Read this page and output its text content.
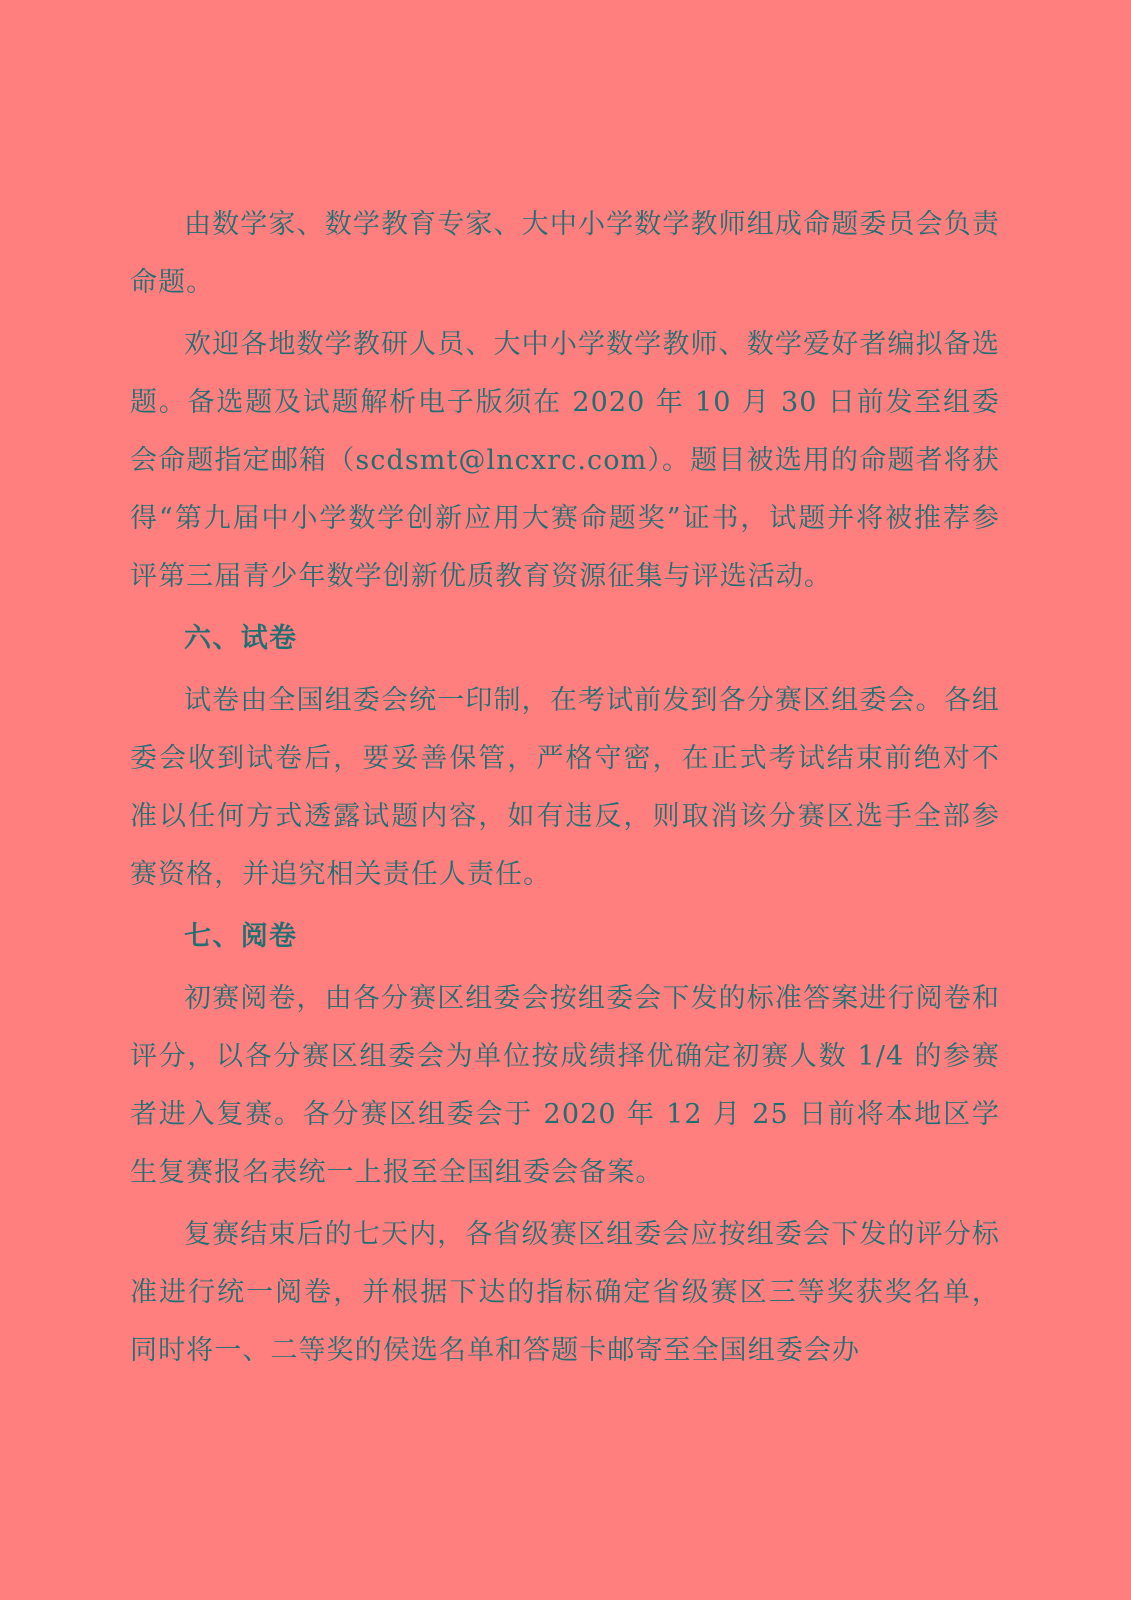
由数学家、数学教育专家、大中小学数学教师组成命题委员会负责命题。

欢迎各地数学教研人员、大中小学数学教师、数学爱好者编拟备选题。备选题及试题解析电子版须在 2020 年 10 月 30 日前发至组委会命题指定邮箱（scdsmt@lncxrc.com）。题目被选用的命题者将获得“第九届中小学数学创新应用大赛命题奖”证书，试题并将被推荐参评第三届青少年数学创新优质教育资源征集与评选活动。

六、试卷

试卷由全国组委会统一印制，在考试前发到各分赛区组委会。各组委会收到试卷后，要妥善保管，严格守密，在正式考试结束前绝对不准以任何方式透露试题内容，如有违反，则取消该分赛区选手全部参赛资格，并追究相关责任人责任。

七、阅卷

初赛阅卷，由各分赛区组委会按组委会下发的标准答案进行阅卷和评分，以各分赛区组委会为单位按成绩择优确定初赛人数 1/4 的参赛者进入复赛。各分赛区组委会于 2020 年 12 月 25 日前将本地区学生复赛报名表统一上报至全国组委会备案。

复赛结束后的七天内，各省级赛区组委会应按组委会下发的评分标准进行统一阅卷，并根据下达的指标确定省级赛区三等奖获奖名单，同时将一、二等奖的侯选名单和答题卡邮寄至全国组委会办
